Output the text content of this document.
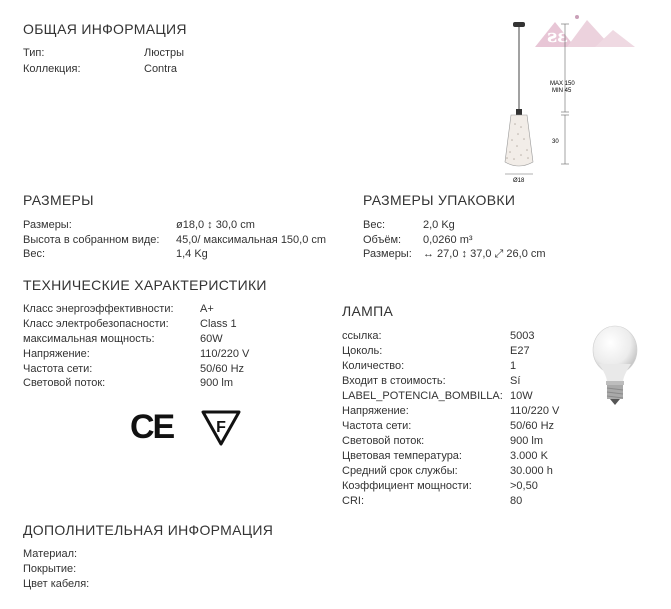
ОБЩАЯ ИНФОРМАЦИЯ
Тип:	Люстры
Коллекция:	Contra
ƨε
MAX 150
MIN 45
30
Ø18
РАЗМЕРЫ
Размеры:	ø18,0 ↕ 30,0 cm
Высота в собранном виде: 45,0/ максимальная 150,0 cm
Вес:	1,4 Kg
РАЗМЕРЫ УПАКОВКИ
Вес:	2,0 Kg
Объём: 0,0260 m³
Размеры: ↔ 27,0 ↕ 37,0 ⤢ 26,0 cm
ТЕХНИЧЕСКИЕ ХАРАКТЕРИСТИКИ
Класс энергоэффективности: A+
Класс электробезопасности:	Class 1
максимальная мощность:	60W
Напряжение:	110/220 V
Частота сети:	50/60 Hz
Световой поток:	900 lm
CE	F
ЛАМПА
ссылка:	5003
Цоколь:	E27
Количество:	1
Входит в стоимость:	Sí
LABEL_POTENCIA_BOMBILLA: 10W
Напряжение:	110/220 V
Частота сети:	50/60 Hz
Световой поток:	900 lm
Цветовая температура:	3.000 K
Средний срок службы:	30.000 h
Коэффициент мощности:	>0,50
CRI:	80
ДОПОЛНИТЕЛЬНАЯ ИНФОРМАЦИЯ
Материал:
Покрытие:
Цвет кабеля:
